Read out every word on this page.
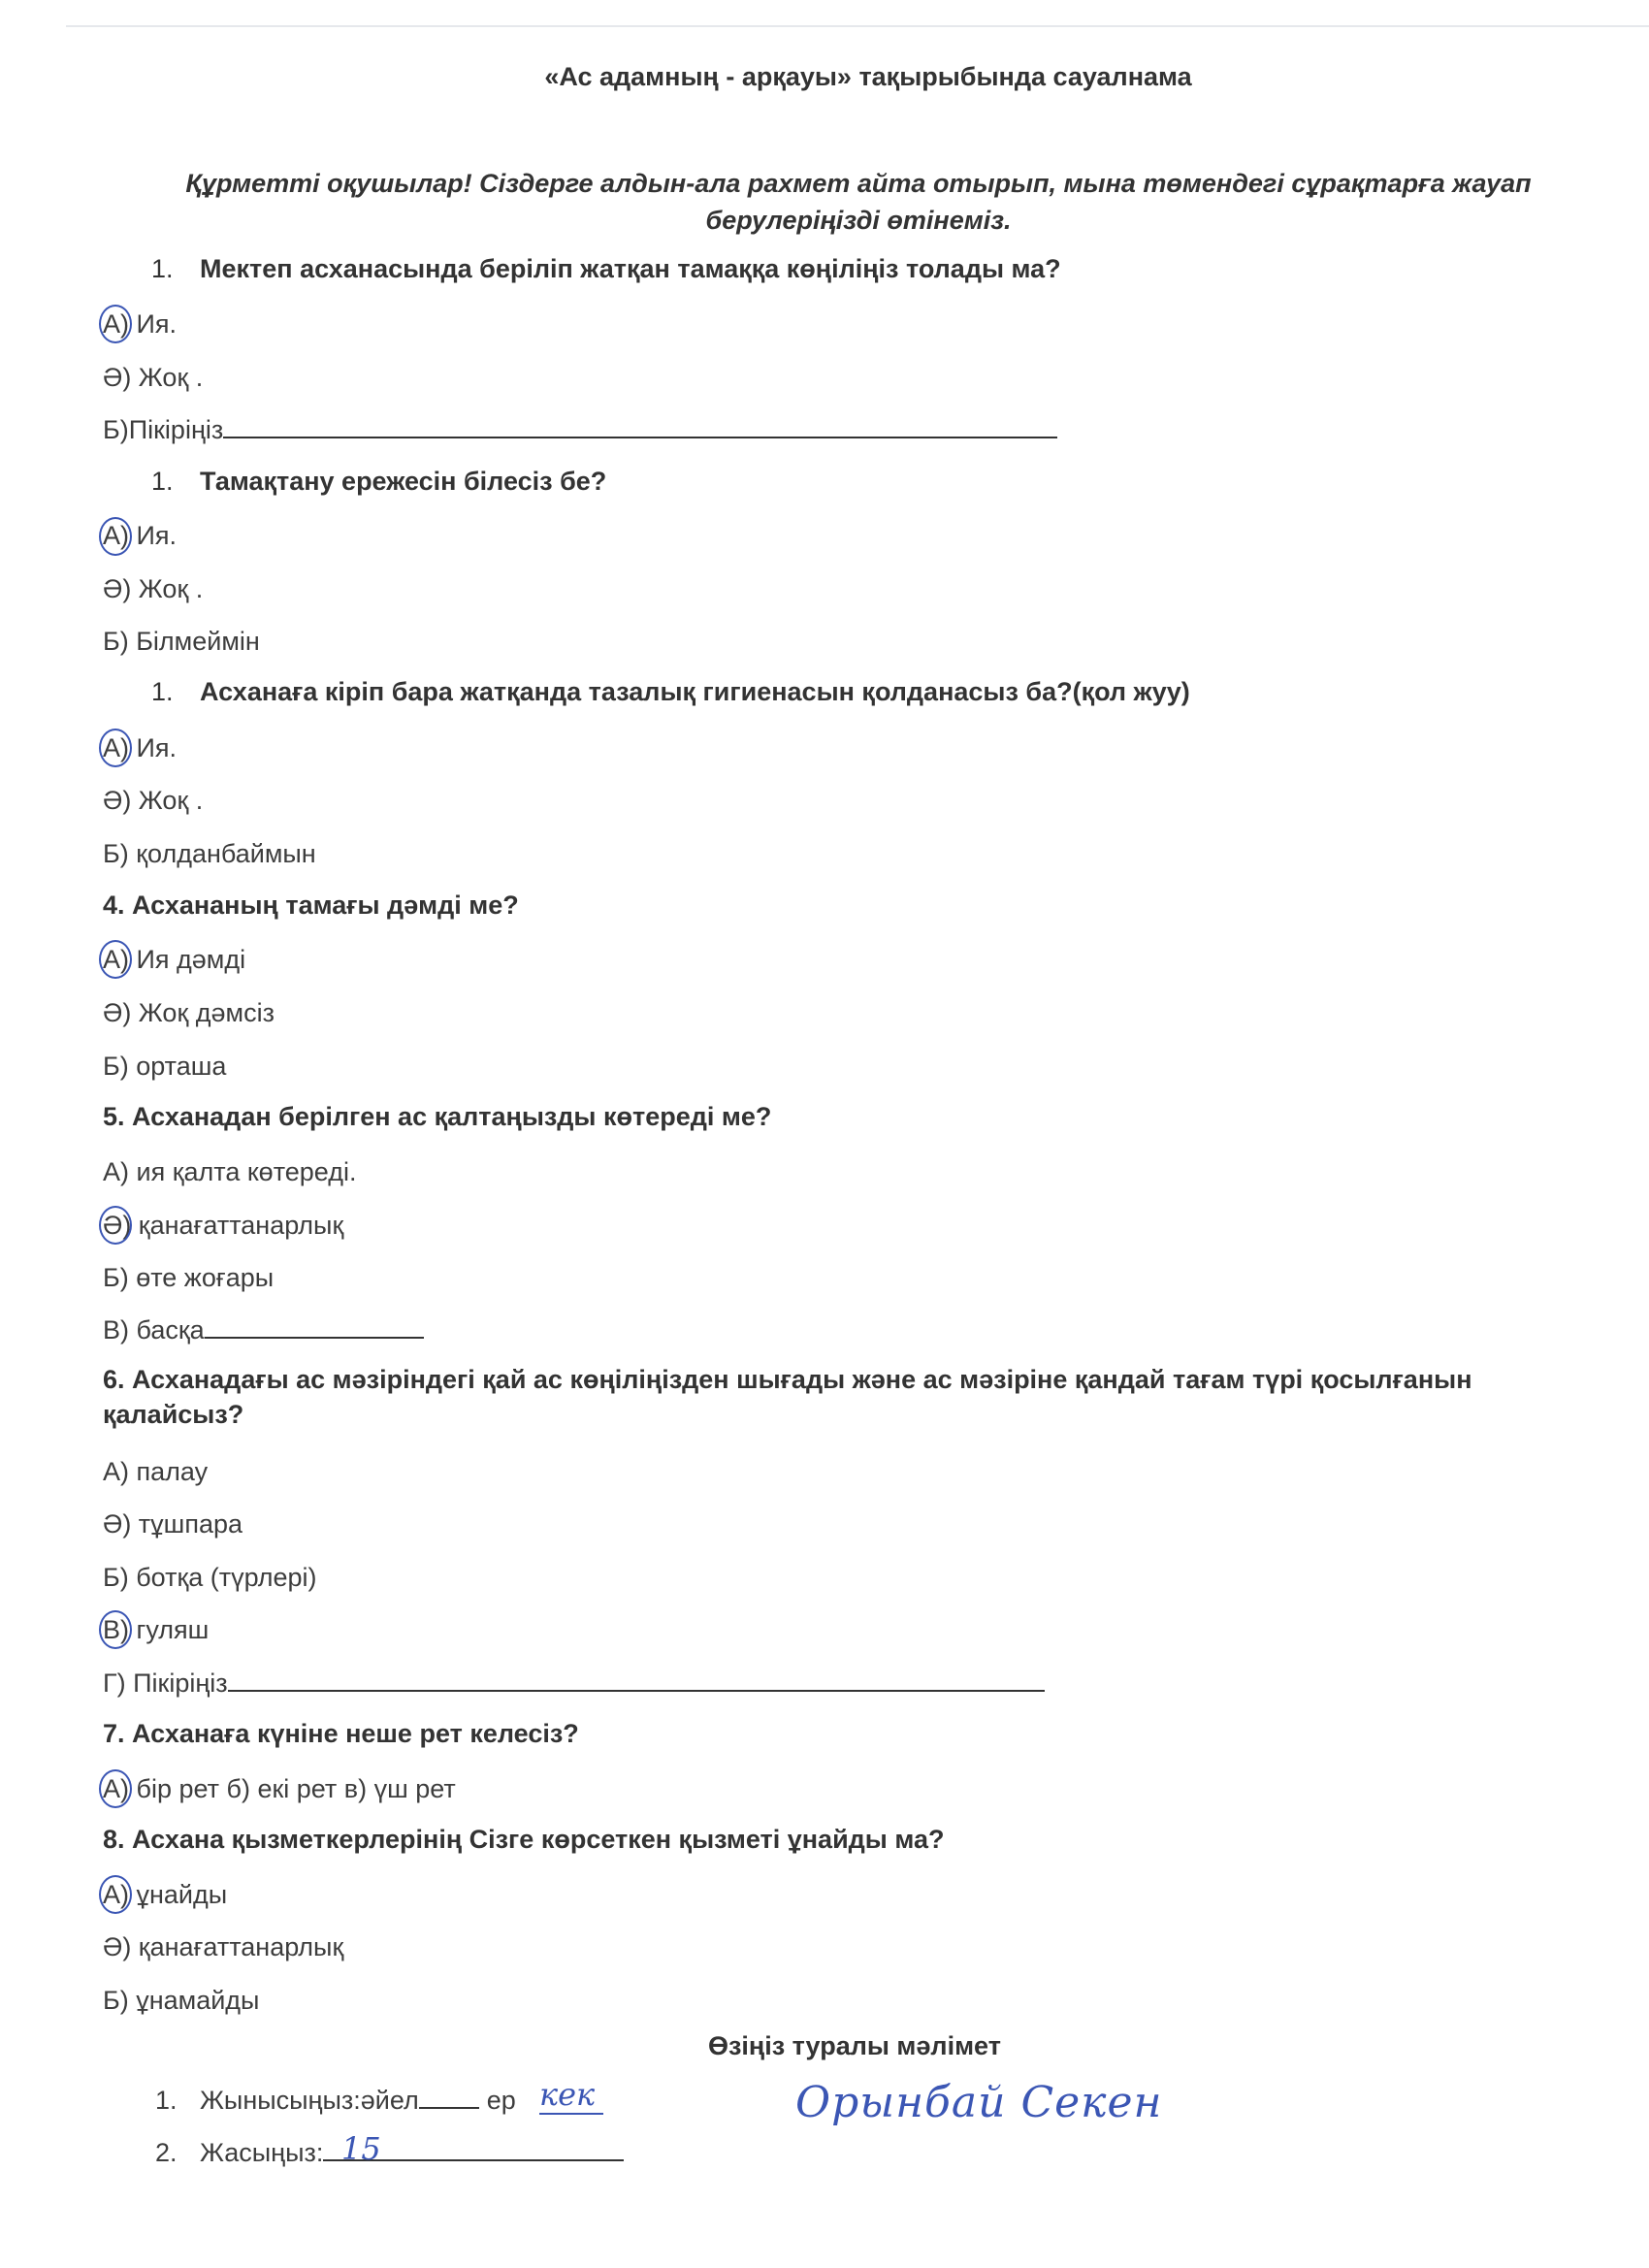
«Ас адамның - арқауы» тақырыбында сауалнама
Құрметті оқушылар! Сіздерге алдын-ала рахмет айта отырып, мына төмендегі сұрақтарға жауап берулеріңізді өтінеміз.
1. Мектеп асханасында беріліп жатқан тамаққа көңіліңіз толады ма?
А) Ия.
Ә) Жоқ .
Б)Пікіріңіз
1. Тамақтану ережесін білесіз бе?
А) Ия.
Ә) Жоқ .
Б) Білмеймін
1. Асханаға кіріп бара жатқанда тазалық гигиенасын қолданасыз ба?(қол жуу)
А) Ия.
Ә) Жоқ .
Б) қолданбаймын
4. Асхананың тамағы дәмді ме?
А) Ия дәмді
Ә) Жоқ дәмсіз
Б) орташа
5. Асханадан берілген ас қалтаңызды көтереді ме?
А) ия қалта көтереді.
Ә) қанағаттанарлық
Б) өте жоғары
В) басқа
6. Асханадағы ас мәзіріндегі қай ас көңіліңізден шығады және ас мәзіріне қандай тағам түрі қосылғанын қалайсыз?
А) палау
Ә) тұшпара
Б) ботқа (түрлері)
В) гуляш
Г) Пікіріңіз
7. Асханаға күніне неше рет келесіз?
А) бір рет б) екі рет в) үш рет
8. Асхана қызметкерлерінің Сізге көрсеткен қызметі ұнайды ма?
А) ұнайды
Ә) қанағаттанарлық
Б) ұнамайды
Өзіңіз туралы мәлімет
1. Жынысыңыз:әйел	ер кек
2. Жасыңыз: 15
Орынбай Секен
